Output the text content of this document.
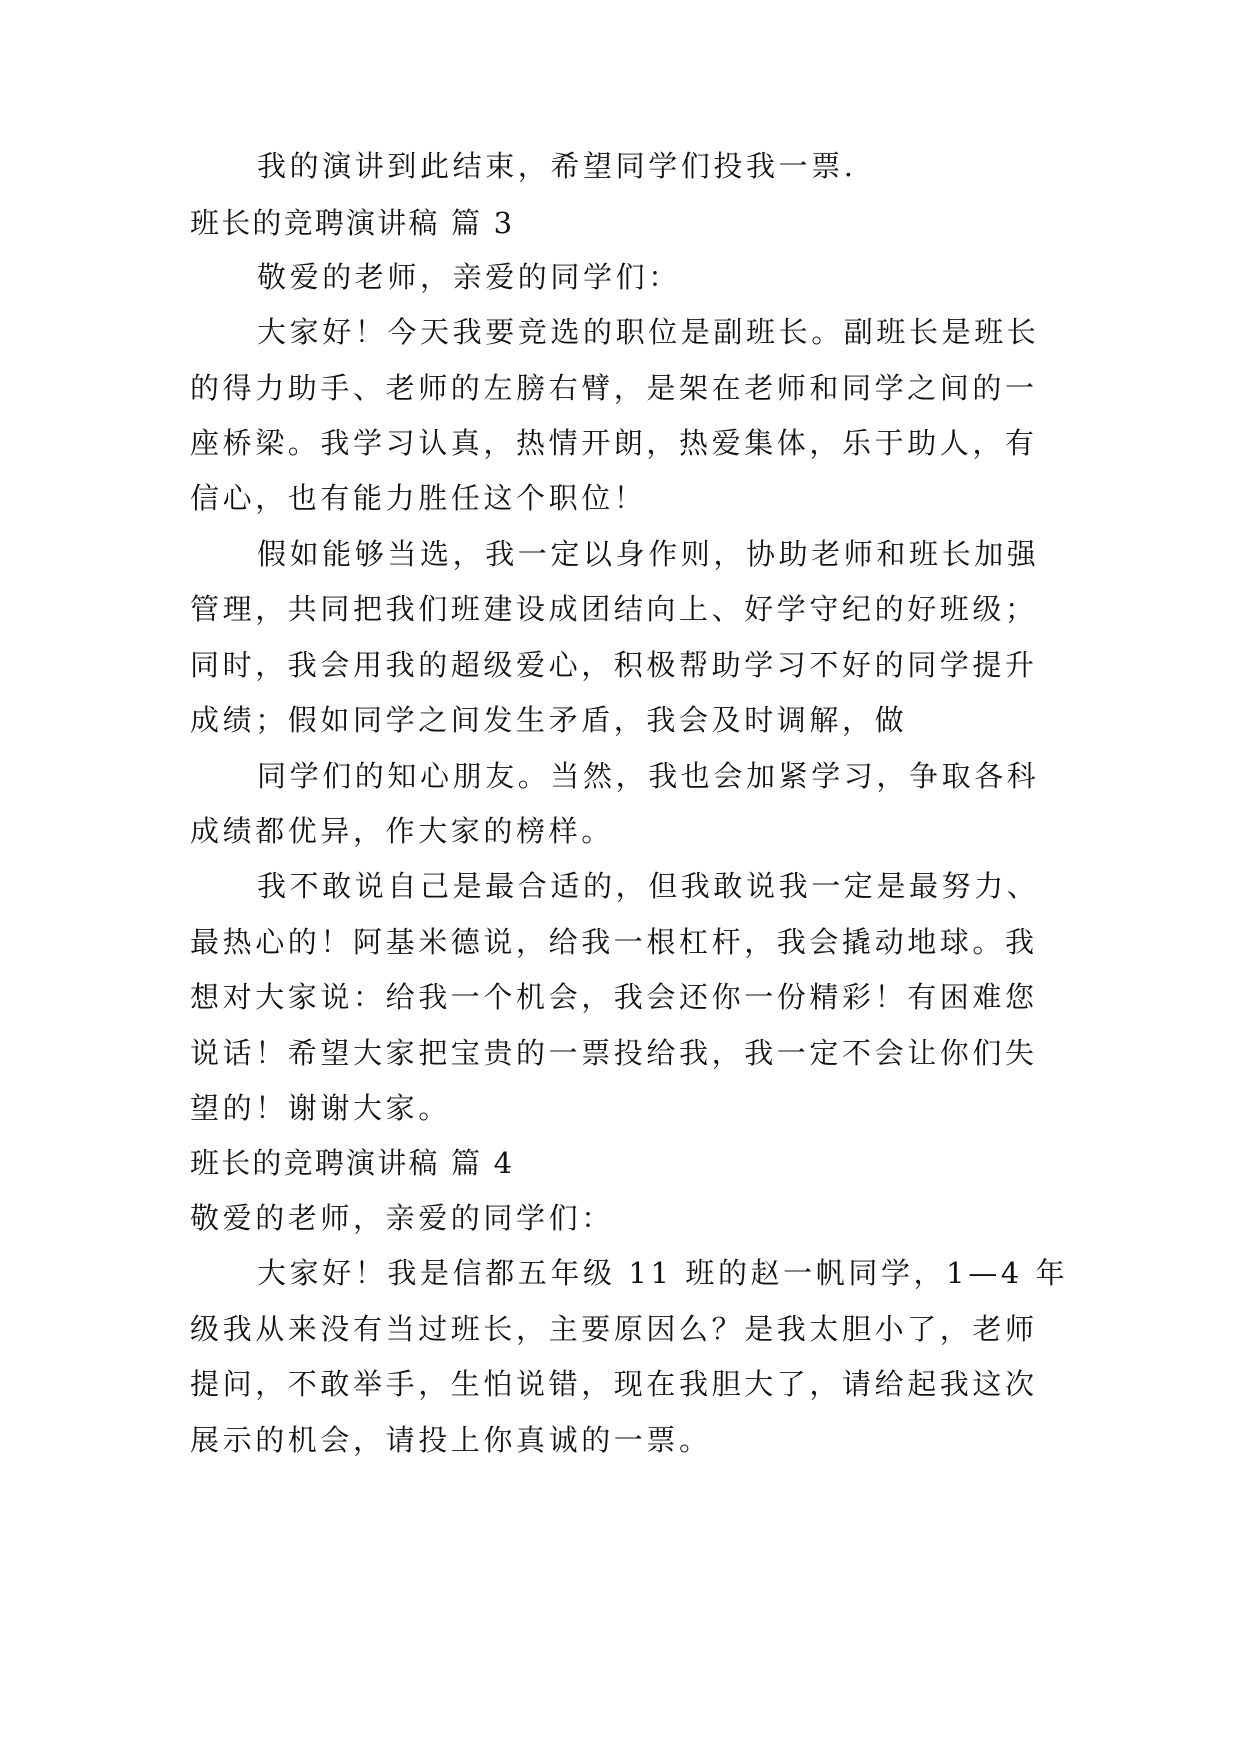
我的演讲到此结束，希望同学们投我一票.
班长的竞聘演讲稿 篇 3
敬爱的老师，亲爱的同学们：
大家好！今天我要竞选的职位是副班长。副班长是班长
的得力助手、老师的左膀右臂，是架在老师和同学之间的一
座桥梁。我学习认真，热情开朗，热爱集体，乐于助人，有
信心，也有能力胜任这个职位！
假如能够当选，我一定以身作则，协助老师和班长加强
管理，共同把我们班建设成团结向上、好学守纪的好班级；
同时，我会用我的超级爱心，积极帮助学习不好的同学提升
成绩；假如同学之间发生矛盾，我会及时调解，做
同学们的知心朋友。当然，我也会加紧学习，争取各科
成绩都优异，作大家的榜样。
我不敢说自己是最合适的，但我敢说我一定是最努力、
最热心的！阿基米德说，给我一根杠杆，我会撬动地球。我
想对大家说：给我一个机会，我会还你一份精彩！有困难您
说话！希望大家把宝贵的一票投给我，我一定不会让你们失
望的！谢谢大家。
班长的竞聘演讲稿 篇 4
敬爱的老师，亲爱的同学们：
大家好！我是信都五年级 11 班的赵一帆同学，1—4 年
级我从来没有当过班长，主要原因么？是我太胆小了，老师
提问，不敢举手，生怕说错，现在我胆大了，请给起我这次
展示的机会，请投上你真诚的一票。
